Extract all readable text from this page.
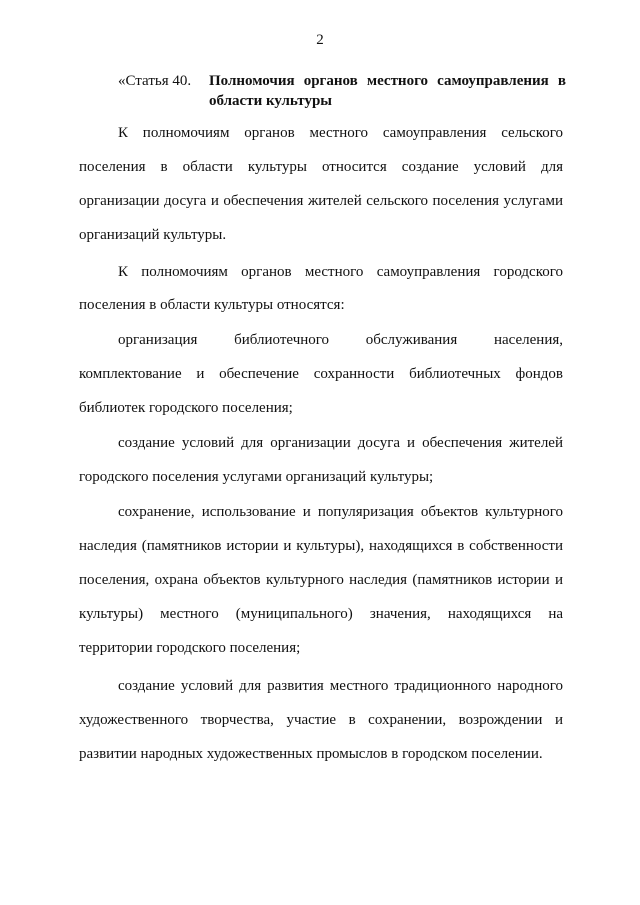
2
«Статья 40. Полномочия органов местного самоуправления в области культуры
К полномочиям органов местного самоуправления сельского
поселения в области культуры относится создание условий для
организации досуга и обеспечения жителей сельского поселения услугами
организаций культуры.
К полномочиям органов местного самоуправления городского
поселения в области культуры относятся:
организация библиотечного обслуживания населения,
комплектование и обеспечение сохранности библиотечных фондов
библиотек городского поселения;
создание условий для организации досуга и обеспечения жителей
городского поселения услугами организаций культуры;
сохранение, использование и популяризация объектов культурного
наследия (памятников истории и культуры), находящихся в собственности
поселения, охрана объектов культурного наследия (памятников истории и
культуры) местного (муниципального) значения, находящихся на
территории городского поселения;
создание условий для развития местного традиционного народного
художественного творчества, участие в сохранении, возрождении и
развитии народных художественных промыслов в городском поселении.
